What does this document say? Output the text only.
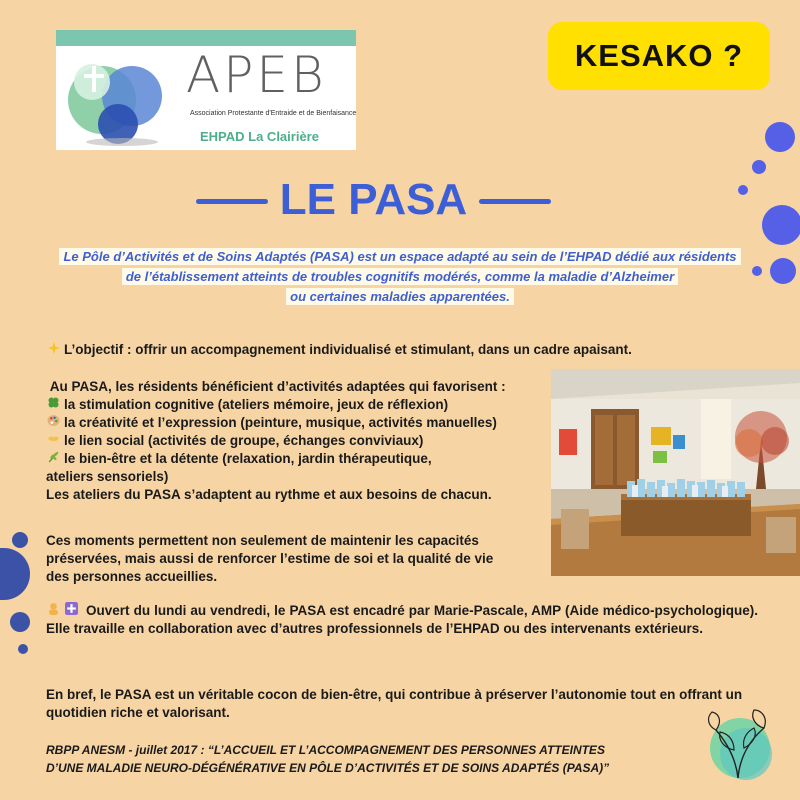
APEB
Association Protestante d'Entraide et de Bienfaisance
EHPAD La Clairière
KESAKO ?
LE PASA
Le Pôle d’Activités et de Soins Adaptés (PASA) est un espace adapté au sein de l’EHPAD dédié aux résidents
de l’établissement atteints de troubles cognitifs modérés, comme la maladie d’Alzheimer
ou certaines maladies apparentées.
L’objectif : offrir un accompagnement individualisé et stimulant, dans un cadre apaisant.
Au PASA, les résidents bénéficient d’activités adaptées qui favorisent :
la stimulation cognitive (ateliers mémoire, jeux de réflexion)
la créativité et l’expression (peinture, musique, activités manuelles)
le lien social (activités de groupe, échanges conviviaux)
le bien-être et la détente (relaxation, jardin thérapeutique,
ateliers sensoriels)
Les ateliers du PASA s’adaptent au rythme et aux besoins de chacun.
Ces moments permettent non seulement de maintenir les capacités
préservées, mais aussi de renforcer l’estime de soi et la qualité de vie
des personnes accueillies.
Ouvert du lundi au vendredi, le PASA est encadré par Marie-Pascale, AMP (Aide médico-psychologique). Elle travaille en collaboration avec d’autres professionnels de l’EHPAD ou des intervenants extérieurs.
En bref, le PASA est un véritable cocon de bien-être, qui contribue à préserver l’autonomie tout en offrant un quotidien riche et valorisant.
RBPP ANESM - juillet 2017 : “L’ACCUEIL ET L’ACCOMPAGNEMENT DES PERSONNES ATTEINTES
D’UNE MALADIE NEURO-DÉGÉNÉRATIVE EN PÔLE D’ACTIVITÉS ET DE SOINS ADAPTÉS (PASA)”
